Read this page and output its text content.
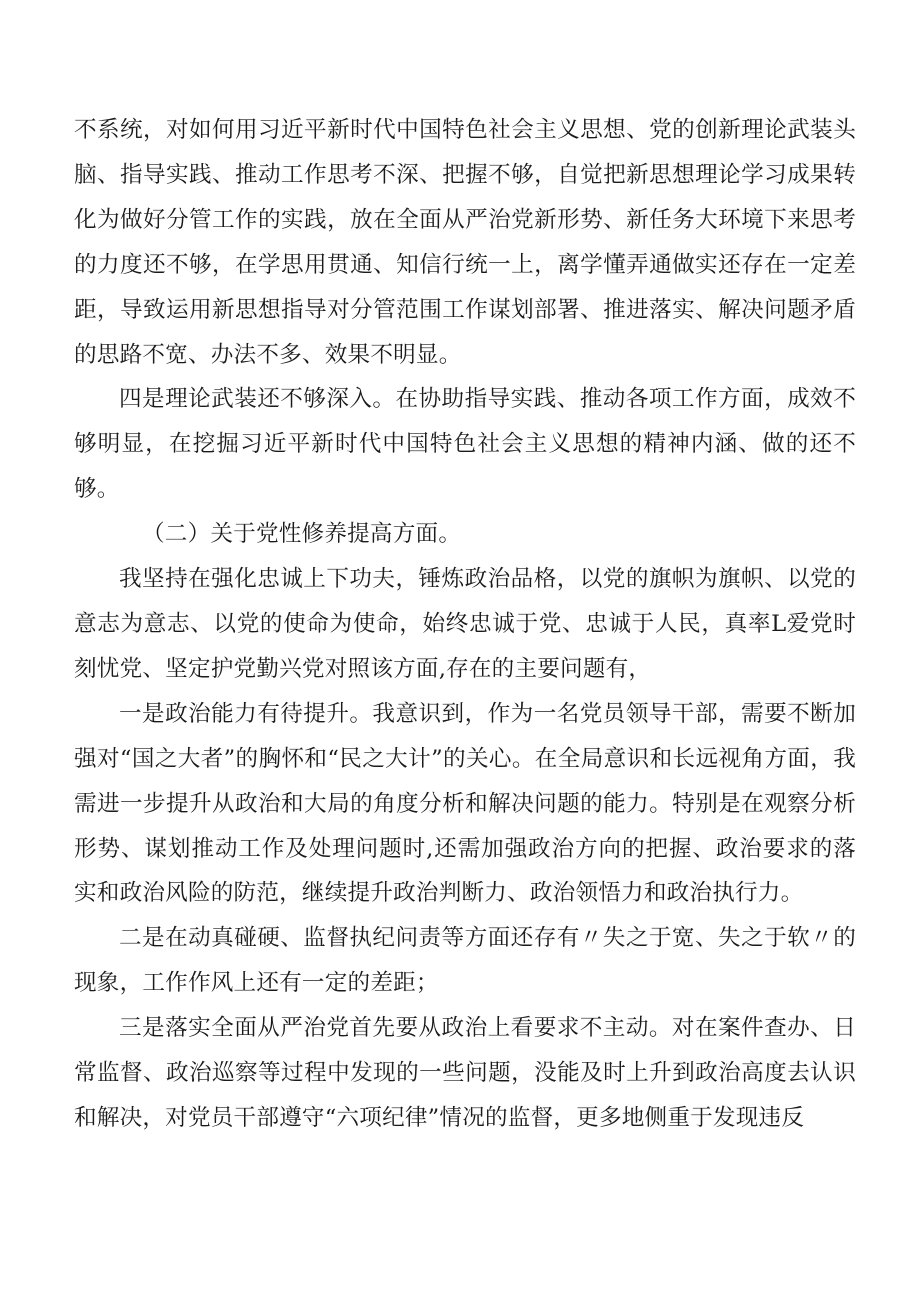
不系统，对如何用习近平新时代中国特色社会主义思想、党的创新理论武装头脑、指导实践、推动工作思考不深、把握不够，自觉把新思想理论学习成果转化为做好分管工作的实践，放在全面从严治党新形势、新任务大环境下来思考的力度还不够，在学思用贯通、知信行统一上，离学懂弄通做实还存在一定差距，导致运用新思想指导对分管范围工作谋划部署、推进落实、解决问题矛盾的思路不宽、办法不多、效果不明显。

四是理论武装还不够深入。在协助指导实践、推动各项工作方面，成效不够明显，在挖掘习近平新时代中国特色社会主义思想的精神内涵、做的还不够。

（二）关于党性修养提高方面。

我坚持在强化忠诚上下功夫，锤炼政治品格，以党的旗帜为旗帜、以党的意志为意志、以党的使命为使命，始终忠诚于党、忠诚于人民，真率L爱党时刻忧党、坚定护党勤兴党对照该方面,存在的主要问题有，

一是政治能力有待提升。我意识到，作为一名党员领导干部，需要不断加强对“国之大者”的胸怀和“民之大计”的关心。在全局意识和长远视角方面，我需进一步提升从政治和大局的角度分析和解决问题的能力。特别是在观察分析形势、谋划推动工作及处理问题时,还需加强政治方向的把握、政治要求的落实和政治风险的防范，继续提升政治判断力、政治领悟力和政治执行力。

二是在动真碰硬、监督执纪问责等方面还存有〃失之于宽、失之于软〃的现象，工作作风上还有一定的差距；

三是落实全面从严治党首先要从政治上看要求不主动。对在案件查办、日常监督、政治巡察等过程中发现的一些问题，没能及时上升到政治高度去认识和解决，对党员干部遵守“六项纪律”情况的监督，更多地侧重于发现违反
